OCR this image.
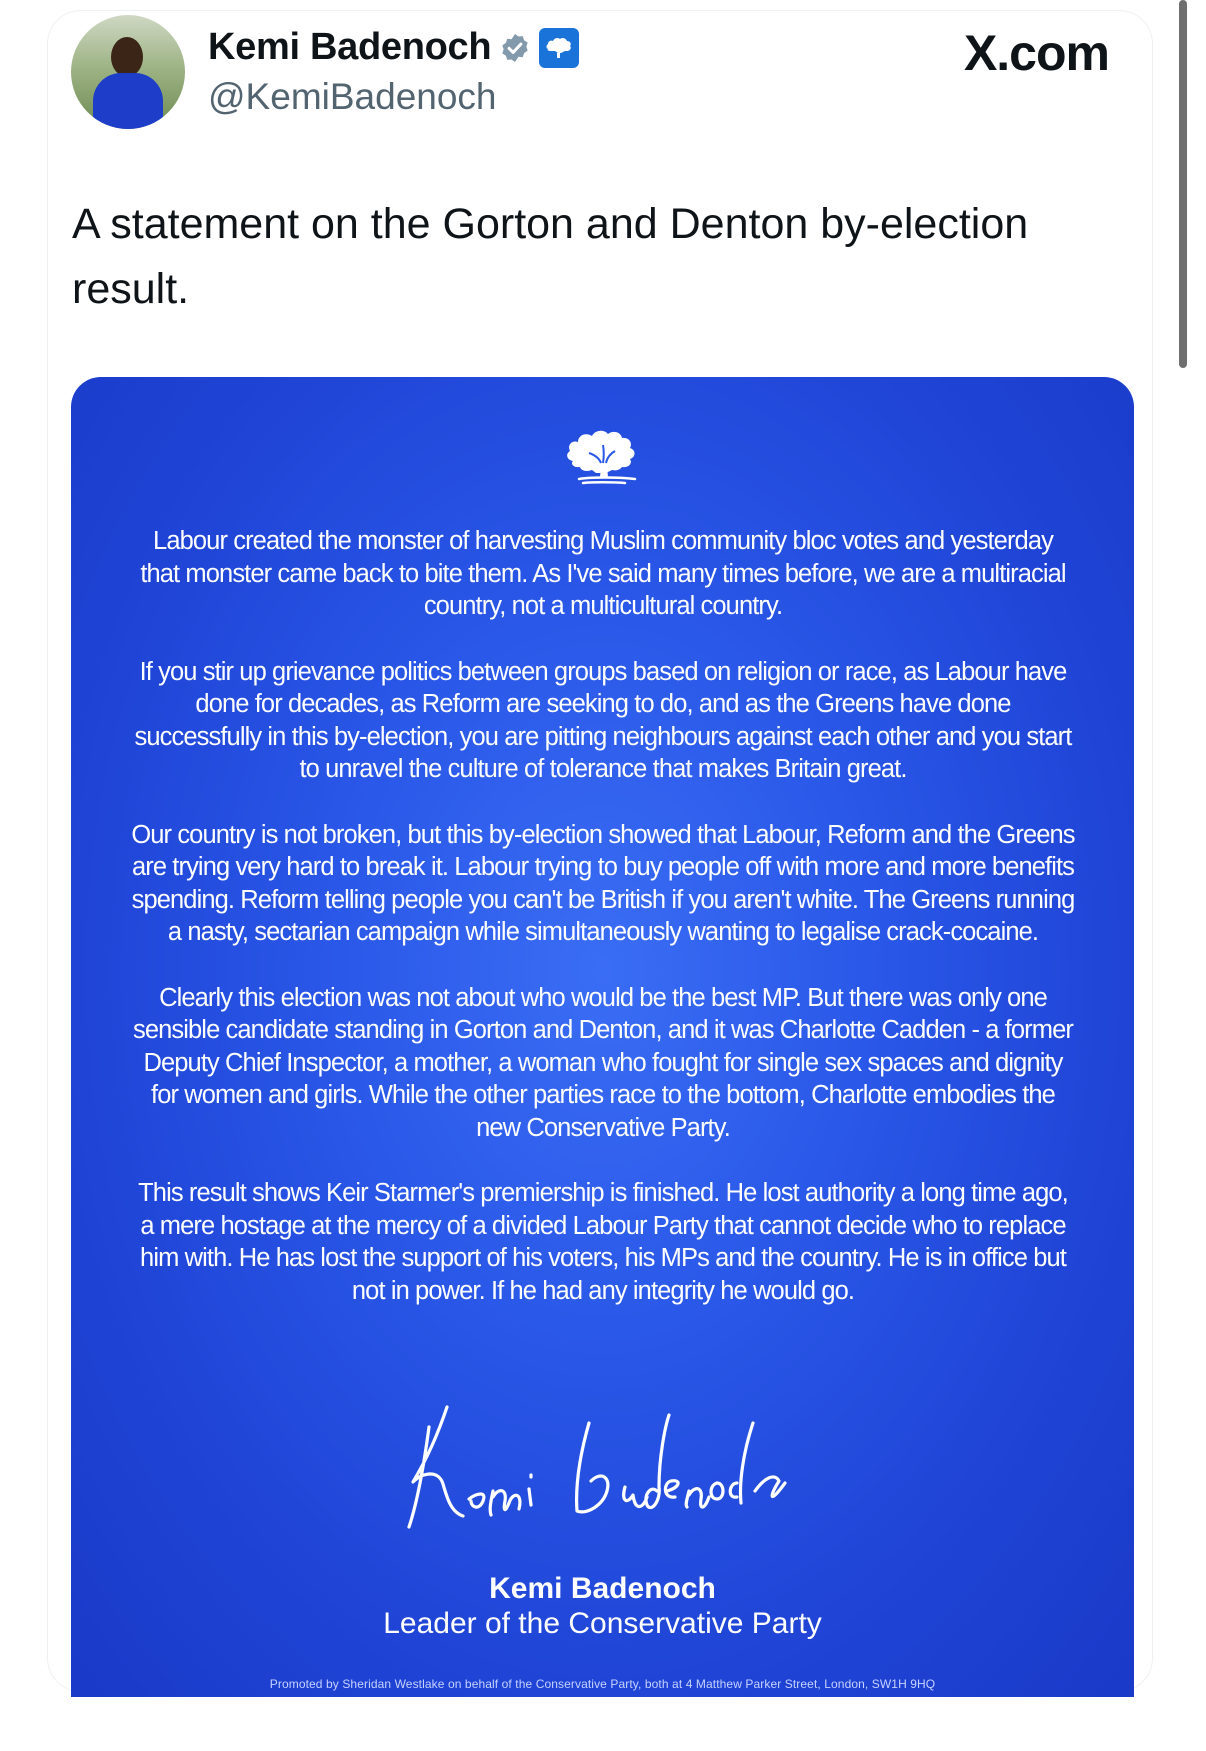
Kemi Badenoch
@KemiBadenoch
X.com
A statement on the Gorton and Denton by-election result.

Labour created the monster of harvesting Muslim community bloc votes and yesterday that monster came back to bite them. As I've said many times before, we are a multiracial country, not a multicultural country.

If you stir up grievance politics between groups based on religion or race, as Labour have done for decades, as Reform are seeking to do, and as the Greens have done successfully in this by-election, you are pitting neighbours against each other and you start to unravel the culture of tolerance that makes Britain great.

Our country is not broken, but this by-election showed that Labour, Reform and the Greens are trying very hard to break it. Labour trying to buy people off with more and more benefits spending. Reform telling people you can't be British if you aren't white. The Greens running a nasty, sectarian campaign while simultaneously wanting to legalise crack-cocaine.

Clearly this election was not about who would be the best MP. But there was only one sensible candidate standing in Gorton and Denton, and it was Charlotte Cadden - a former Deputy Chief Inspector, a mother, a woman who fought for single sex spaces and dignity for women and girls. While the other parties race to the bottom, Charlotte embodies the new Conservative Party.

This result shows Keir Starmer's premiership is finished. He lost authority a long time ago, a mere hostage at the mercy of a divided Labour Party that cannot decide who to replace him with. He has lost the support of his voters, his MPs and the country. He is in office but not in power. If he had any integrity he would go.

Kemi Badenoch
Leader of the Conservative Party
Promoted by Sheridan Westlake on behalf of the Conservative Party, both at 4 Matthew Parker Street, London, SW1H 9HQ
